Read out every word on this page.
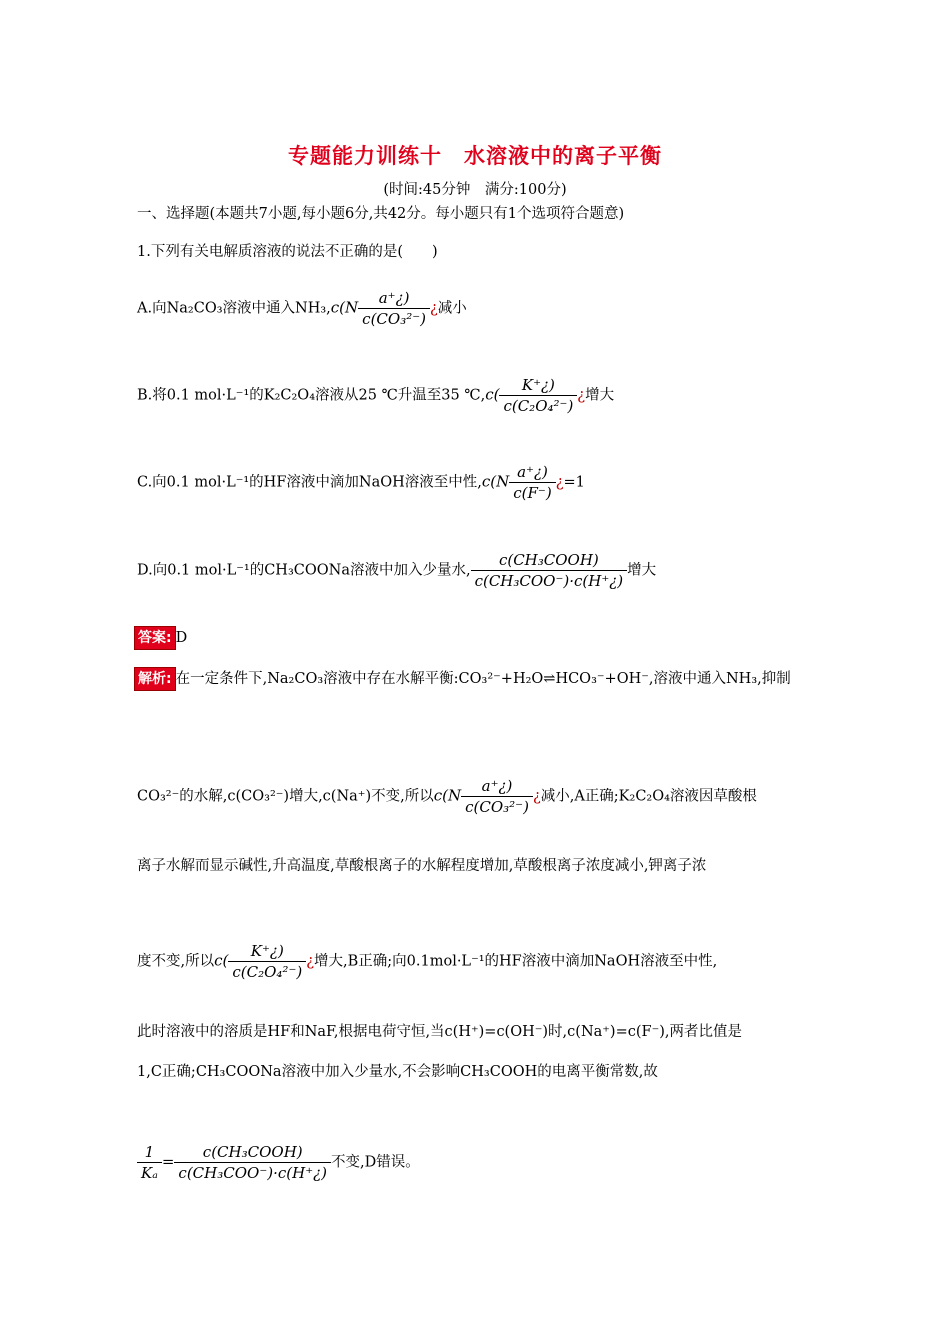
专题能力训练十　水溶液中的离子平衡
(时间:45分钟　满分:100分)
一、选择题(本题共7小题,每小题6分,共42分。每小题只有1个选项符合题意)
1.下列有关电解质溶液的说法不正确的是(　　)
A.向Na₂CO₃溶液中通入$NH_3,c(N \frac{a^+¿)}{\text{c(CO₃²⁻)}}$ ¿减小
B.将0.1 mol·L⁻¹的K₂C₂O₄溶液从25 ℃升温至35 ℃,c( $\frac{K^+¿)}{\text{c(C₂O₄²⁻)}}$ ¿增大
C.向0.1 mol·L⁻¹的HF溶液中滴加NaOH溶液至中性$,c(N \frac{a^+¿)}{c(F^-)}$ ¿=1
D.向0.1 mol·L⁻¹的CH₃COONa溶液中加入少量水, $\frac{\text{c(CH₃COOH)}}{\text{c(CH₃COO⁻)·c(H⁺¿)}}$ 增大
答案: D
解析: 在一定条件下,Na₂CO₃溶液中存在水解平衡:CO₃²⁻+H₂O⇌HCO₃⁻+OH⁻,溶液中通入NH₃,抑制
CO₃²⁻的水解,c(CO₃²⁻)增大,c(Na⁺)不变,所以$c(N \frac{a^+¿)}{\text{c(CO₃²⁻)}}$ ¿减小,A正确;K₂C₂O₄溶液因草酸根
离子水解而显示碱性,升高温度,草酸根离子的水解程度增加,草酸根离子浓度减小,钾离子浓
度不变,所以$c( \frac{K^+¿)}{\text{c(C₂O₄²⁻)}}$ ¿增大,B正确;向0.1mol·L⁻¹的HF溶液中滴加NaOH溶液至中性,
此时溶液中的溶质是HF和NaF,根据电荷守恒,当c(H⁺)=c(OH⁻)时,c(Na⁺)=c(F⁻),两者比值是
1,C正确;CH₃COONa溶液中加入少量水,不会影响CH₃COOH的电离平衡常数,故
$\frac{1}{\text{Kₐ}} = \frac{\text{c(CH₃COOH)}}{\text{c(CH₃COO⁻)·c(H⁺¿)}}$ 不变,D错误。
